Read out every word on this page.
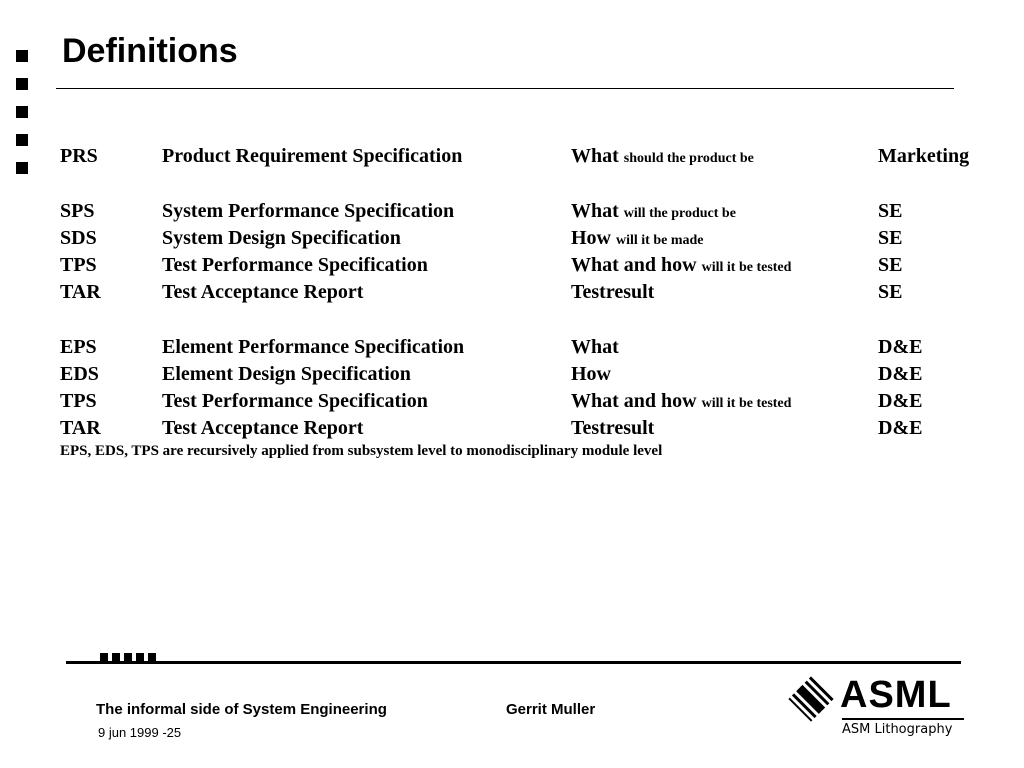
Definitions
PRS	Product Requirement Specification	What should the product be	Marketing
SPS	System Performance Specification	What will the product be	SE
SDS	System Design Specification	How will it be made	SE
TPS	Test Performance Specification	What and how will it be tested	SE
TAR	Test Acceptance Report	Testresult	SE
EPS	Element Performance Specification	What	D&E
EDS	Element Design Specification	How	D&E
TPS	Test Performance Specification	What and how will it be tested	D&E
TAR	Test Acceptance Report	Testresult	D&E
EPS, EDS, TPS are recursively applied from subsystem level to monodisciplinary module level
The informal side of System Engineering	Gerrit Muller
9 jun 1999 -25
ASML
ASM Lithography
